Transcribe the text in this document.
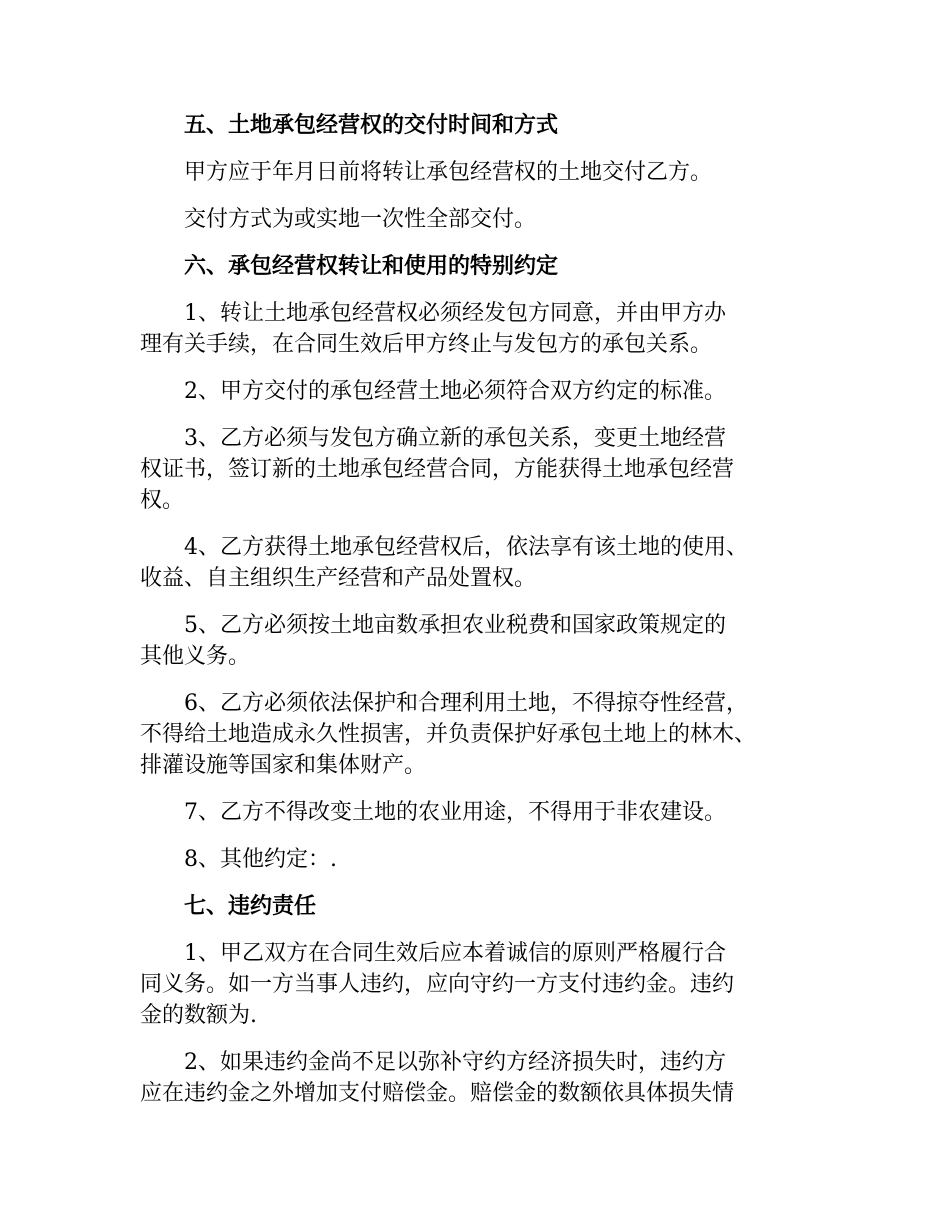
五、土地承包经营权的交付时间和方式
甲方应于年月日前将转让承包经营权的土地交付乙方。
交付方式为或实地一次性全部交付。
六、承包经营权转让和使用的特别约定
1、转让土地承包经营权必须经发包方同意，并由甲方办
理有关手续，在合同生效后甲方终止与发包方的承包关系。
2、甲方交付的承包经营土地必须符合双方约定的标准。
3、乙方必须与发包方确立新的承包关系，变更土地经营
权证书，签订新的土地承包经营合同，方能获得土地承包经营
权。
4、乙方获得土地承包经营权后，依法享有该土地的使用、
收益、自主组织生产经营和产品处置权。
5、乙方必须按土地亩数承担农业税费和国家政策规定的
其他义务。
6、乙方必须依法保护和合理利用土地，不得掠夺性经营，
不得给土地造成永久性损害，并负责保护好承包土地上的林木、
排灌设施等国家和集体财产。
7、乙方不得改变土地的农业用途，不得用于非农建设。
8、其他约定：.
七、违约责任
1、甲乙双方在合同生效后应本着诚信的原则严格履行合
同义务。如一方当事人违约，应向守约一方支付违约金。违约
金的数额为.
2、如果违约金尚不足以弥补守约方经济损失时，违约方
应在违约金之外增加支付赔偿金。赔偿金的数额依具体损失情
